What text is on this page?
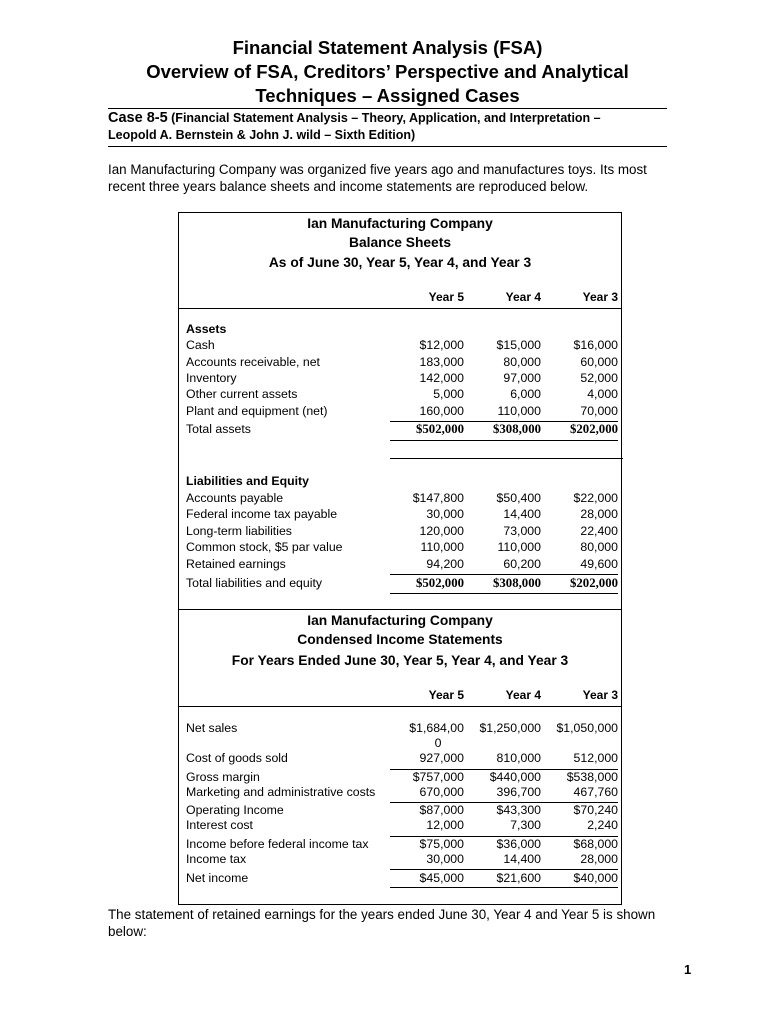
Financial Statement Analysis (FSA)
Overview of FSA, Creditors’ Perspective and Analytical
Techniques – Assigned Cases
Case 8-5 (Financial Statement Analysis – Theory, Application, and Interpretation –
Leopold A. Bernstein & John J. wild – Sixth Edition)
Ian Manufacturing Company was organized five years ago and manufactures toys. Its most
recent three years balance sheets and income statements are reproduced below.
Ian Manufacturing Company
Balance Sheets
As of June 30, Year 5, Year 4, and Year 3
Year 5	Year 4	Year 3
Assets
Cash	$12,000	$15,000	$16,000
Accounts receivable, net	183,000	80,000	60,000
Inventory	142,000	97,000	52,000
Other current assets	5,000	6,000	4,000
Plant and equipment (net)	160,000	110,000	70,000
Total assets	$502,000	$308,000	$202,000
Liabilities and Equity
Accounts payable	$147,800	$50,400	$22,000
Federal income tax payable	30,000	14,400	28,000
Long-term liabilities	120,000	73,000	22,400
Common stock, $5 par value	110,000	110,000	80,000
Retained earnings	94,200	60,200	49,600
Total liabilities and equity	$502,000	$308,000	$202,000
Ian Manufacturing Company
Condensed Income Statements
For Years Ended June 30, Year 5, Year 4, and Year 3
Year 5	Year 4	Year 3
Net sales	$1,684,00	$1,250,000	$1,050,000
Cost of goods sold	927,000	810,000	512,000
Gross margin	$757,000	$440,000	$538,000
Marketing and administrative costs	670,000	396,700	467,760
Operating Income	$87,000	$43,300	$70,240
Interest cost	12,000	7,300	2,240
Income before federal income tax	$75,000	$36,000	$68,000
Income tax	30,000	14,400	28,000
Net income	$45,000	$21,600	$40,000
0
The statement of retained earnings for the years ended June 30, Year 4 and Year 5 is shown
below:
1
